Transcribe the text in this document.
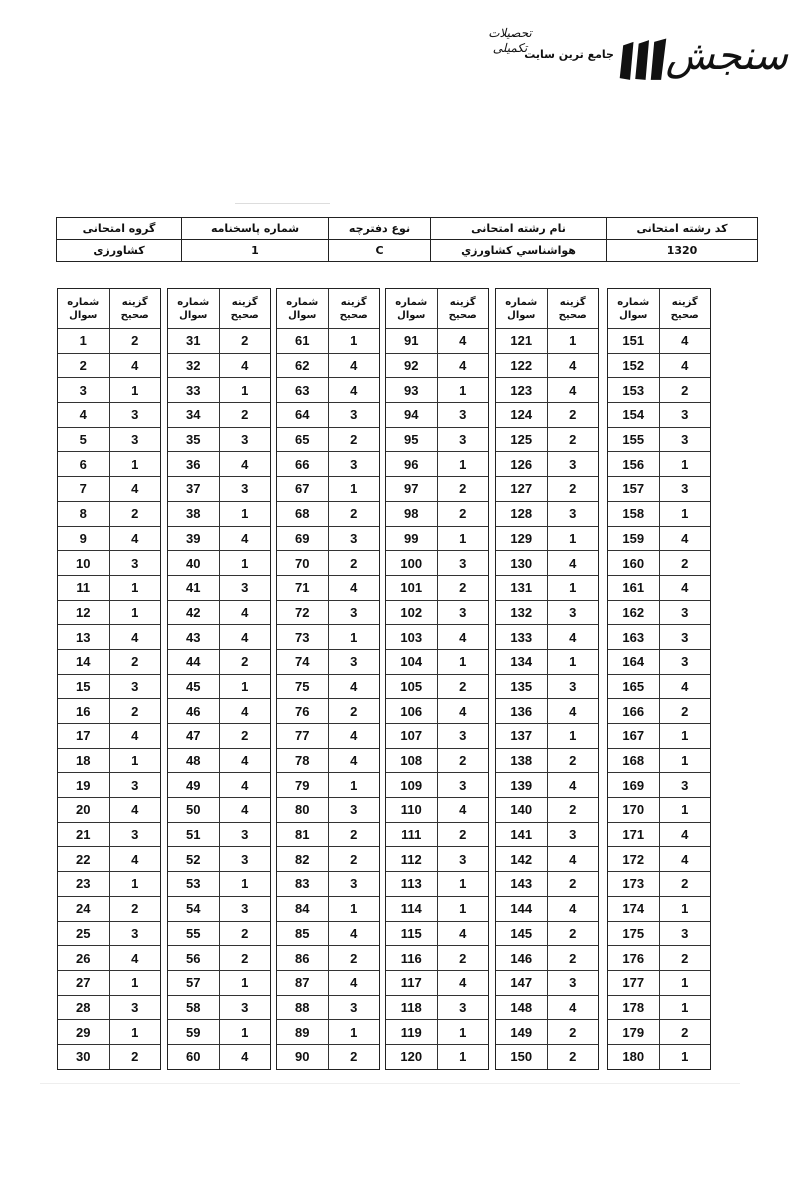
تحصیلات تکمیلی
جامع ترین سایت سنجش
کد رشته امتحانی	نام رشته امتحانی	نوع دفترچه	شماره پاسخنامه	گروه امتحانی
1320	هواشناسي كشاورزي	C	1	كشاورزی
شماره سوال	گزینه صحیح
1	2
2	4
3	1
4	3
5	3
6	1
7	4
8	2
9	4
10	3
11	1
12	1
13	4
14	2
15	3
16	2
17	4
18	1
19	3
20	4
21	3
22	4
23	1
24	2
25	3
26	4
27	1
28	3
29	1
30	2
شماره سوال	گزینه صحیح
31	2
32	4
33	1
34	2
35	3
36	4
37	3
38	1
39	4
40	1
41	3
42	4
43	4
44	2
45	1
46	4
47	2
48	4
49	4
50	4
51	3
52	3
53	1
54	3
55	2
56	2
57	1
58	3
59	1
60	4
شماره سوال	گزینه صحیح
61	1
62	4
63	4
64	3
65	2
66	3
67	1
68	2
69	3
70	2
71	4
72	3
73	1
74	3
75	4
76	2
77	4
78	4
79	1
80	3
81	2
82	2
83	3
84	1
85	4
86	2
87	4
88	3
89	1
90	2
شماره سوال	گزینه صحیح
91	4
92	4
93	1
94	3
95	3
96	1
97	2
98	2
99	1
100	3
101	2
102	3
103	4
104	1
105	2
106	4
107	3
108	2
109	3
110	4
111	2
112	3
113	1
114	1
115	4
116	2
117	4
118	3
119	1
120	1
شماره سوال	گزینه صحیح
121	1
122	4
123	4
124	2
125	2
126	3
127	2
128	3
129	1
130	4
131	1
132	3
133	4
134	1
135	3
136	4
137	1
138	2
139	4
140	2
141	3
142	4
143	2
144	4
145	2
146	2
147	3
148	4
149	2
150	2
شماره سوال	گزینه صحیح
151	4
152	4
153	2
154	3
155	3
156	1
157	3
158	1
159	4
160	2
161	4
162	3
163	3
164	3
165	4
166	2
167	1
168	1
169	3
170	1
171	4
172	4
173	2
174	1
175	3
176	2
177	1
178	1
179	2
180	1
